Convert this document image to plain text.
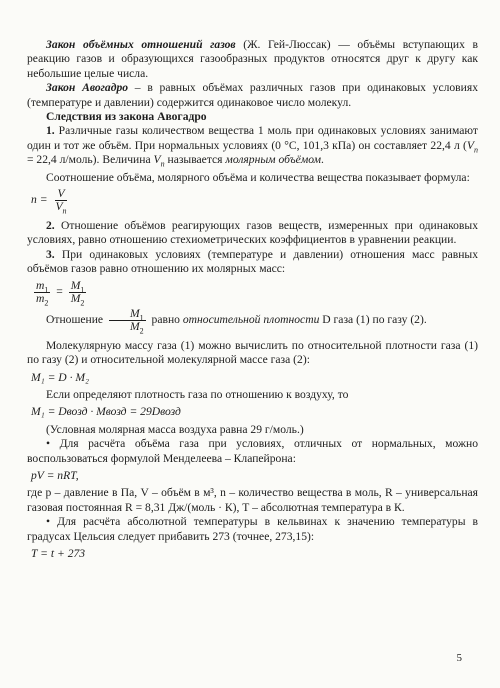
Закон объёмных отношений газов (Ж. Гей-Люссак) — объёмы вступающих в реакцию газов и образующихся газообразных продуктов относятся друг к другу как небольшие целые числа.

Закон Авогадро – в равных объёмах различных газов при одинаковых условиях (температуре и давлении) содержится одинаковое число молекул.

Следствия из закона Авогадро

1. Различные газы количеством вещества 1 моль при одинаковых условиях занимают один и тот же объём. При нормальных условиях (0 °С, 101,3 кПа) он составляет 22,4 л ($V_n = 22,4$ л/моль). Величина $V_n$ называется молярным объёмом.

Соотношение объёма, молярного объёма и количества вещества показывает формула:

$n = \frac{V}{V_n}$

2. Отношение объёмов реагирующих газов веществ, измеренных при одинаковых условиях, равно отношению стехиометрических коэффициентов в уравнении реакции.

3. При одинаковых условиях (температуре и давлении) отношения масс равных объёмов газов равно отношению их молярных масс:

$\frac{m_1}{m_2} = \frac{M_1}{M_2}$

Отношение $\frac{M_1}{M_2}$ равно относительной плотности D газа (1) по газу (2).

Молекулярную массу газа (1) можно вычислить по относительной плотности газа (1) по газу (2) и относительной молекулярной массе газа (2):

M₁ = D · M₂

Если определяют плотность газа по отношению к воздуху, то

M₁ = Dвозд · Mвозд = 29Dвозд

(Условная молярная масса воздуха равна 29 г/моль.)

• Для расчёта объёма газа при условиях, отличных от нормальных, можно воспользоваться формулой Менделеева – Клапейрона:

pV = nRT,

где p – давление в Па, V – объём в м³, n – количество вещества в моль, R – универсальная газовая постоянная R = 8,31 Дж/(моль · К), T – абсолютная температура в К.

• Для расчёта абсолютной температуры в кельвинах к значению температуры в градусах Цельсия следует прибавить 273 (точнее, 273,15):

T = t + 273
5
